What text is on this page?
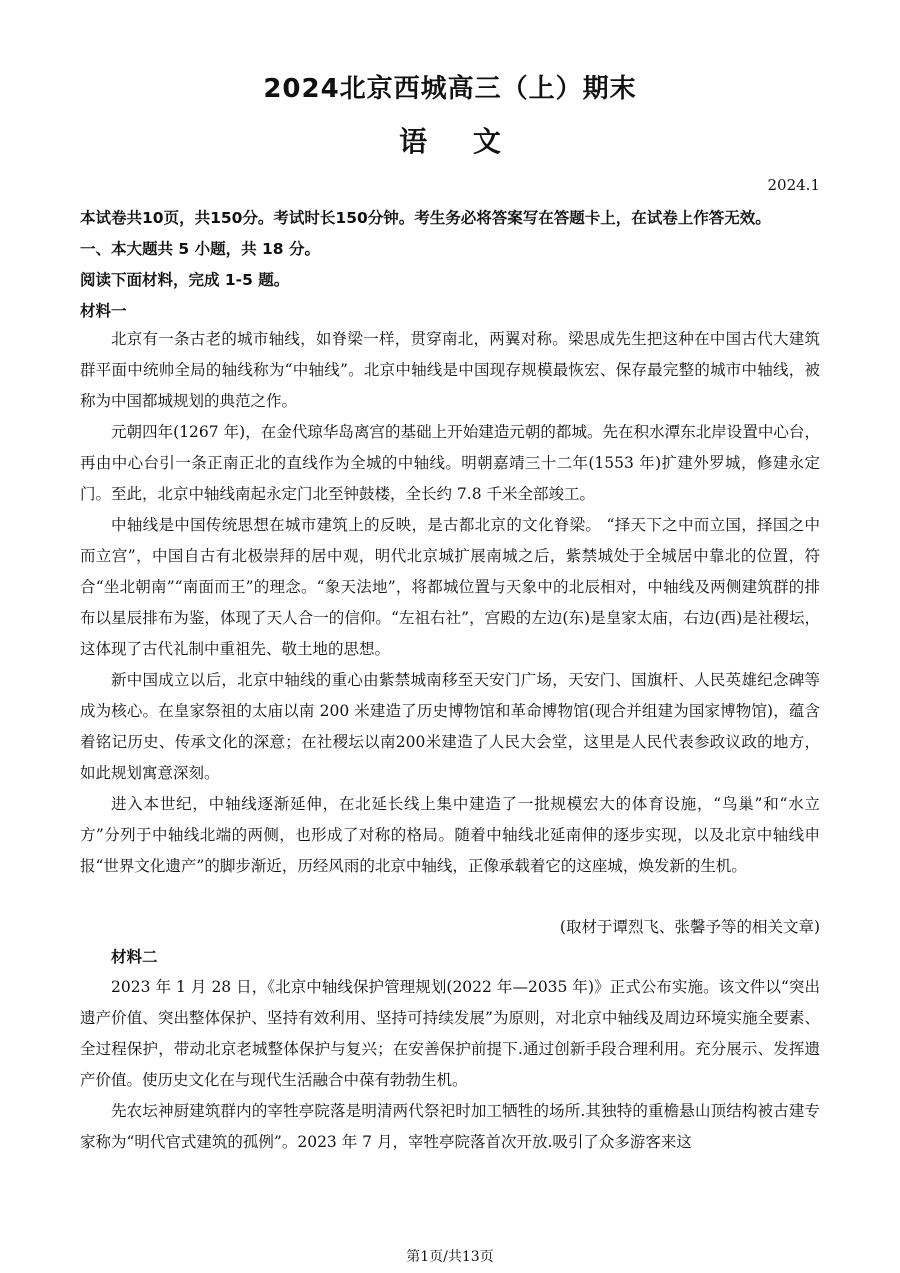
2024北京西城高三（上）期末
语 文
2024.1
本试卷共10页，共150分。考试时长150分钟。考生务必将答案写在答题卡上，在试卷上作答无效。
一、本大题共 5 小题，共 18 分。
阅读下面材料，完成 1-5 题。
材料一
北京有一条古老的城市轴线，如脊梁一样，贯穿南北，两翼对称。梁思成先生把这种在中国古代大建筑群平面中统帅全局的轴线称为“中轴线”。北京中轴线是中国现存规模最恢宏、保存最完整的城市中轴线，被称为中国都城规划的典范之作。
元朝四年(1267 年)，在金代琼华岛离宫的基础上开始建造元朝的都城。先在积水潭东北岸设置中心台，再由中心台引一条正南正北的直线作为全城的中轴线。明朝嘉靖三十二年(1553 年)扩建外罗城，修建永定门。至此，北京中轴线南起永定门北至钟鼓楼，全长约 7.8 千米全部竣工。
中轴线是中国传统思想在城市建筑上的反映，是古都北京的文化脊梁。 “择天下之中而立国，择国之中而立宫”，中国自古有北极崇拜的居中观，明代北京城扩展南城之后，紫禁城处于全城居中靠北的位置，符合“坐北朝南”“南面而王”的理念。“象天法地”，将都城位置与天象中的北辰相对，中轴线及两侧建筑群的排布以星辰排布为鉴，体现了天人合一的信仰。“左祖右社”，宫殿的左边(东)是皇家太庙，右边(西)是社稷坛，这体现了古代礼制中重祖先、敬土地的思想。
新中国成立以后，北京中轴线的重心由紫禁城南移至天安门广场，天安门、国旗杆、人民英雄纪念碑等成为核心。在皇家祭祖的太庙以南 200 米建造了历史博物馆和革命博物馆(现合并组建为国家博物馆)，蕴含着铭记历史、传承文化的深意；在社稷坛以南200米建造了人民大会堂，这里是人民代表参政议政的地方，如此规划寓意深刻。
进入本世纪，中轴线逐渐延伸，在北延长线上集中建造了一批规模宏大的体育设施，“鸟巢”和“水立方”分列于中轴线北端的两侧，也形成了对称的格局。随着中轴线北延南伸的逐步实现，以及北京中轴线申报“世界文化遗产”的脚步渐近，历经风雨的北京中轴线，正像承载着它的这座城，焕发新的生机。
(取材于谭烈飞、张馨予等的相关文章)
材料二
2023 年 1 月 28 日，《北京中轴线保护管理规划(2022 年—2035 年)》正式公布实施。该文件以“突出遗产价值、突出整体保护、坚持有效利用、坚持可持续发展”为原则，对北京中轴线及周边环境实施全要素、全过程保护，带动北京老城整体保护与复兴；在安善保护前提下.通过创新手段合理利用。充分展示、发挥遗产价值。使历史文化在与现代生活融合中葆有勃勃生机。
先农坛神厨建筑群内的宰牲亭院落是明清两代祭祀时加工牺牲的场所.其独特的重檐悬山顶结构被古建专家称为“明代官式建筑的孤例”。2023 年 7 月，宰牲亭院落首次开放.吸引了众多游客来这
第1页/共13页
